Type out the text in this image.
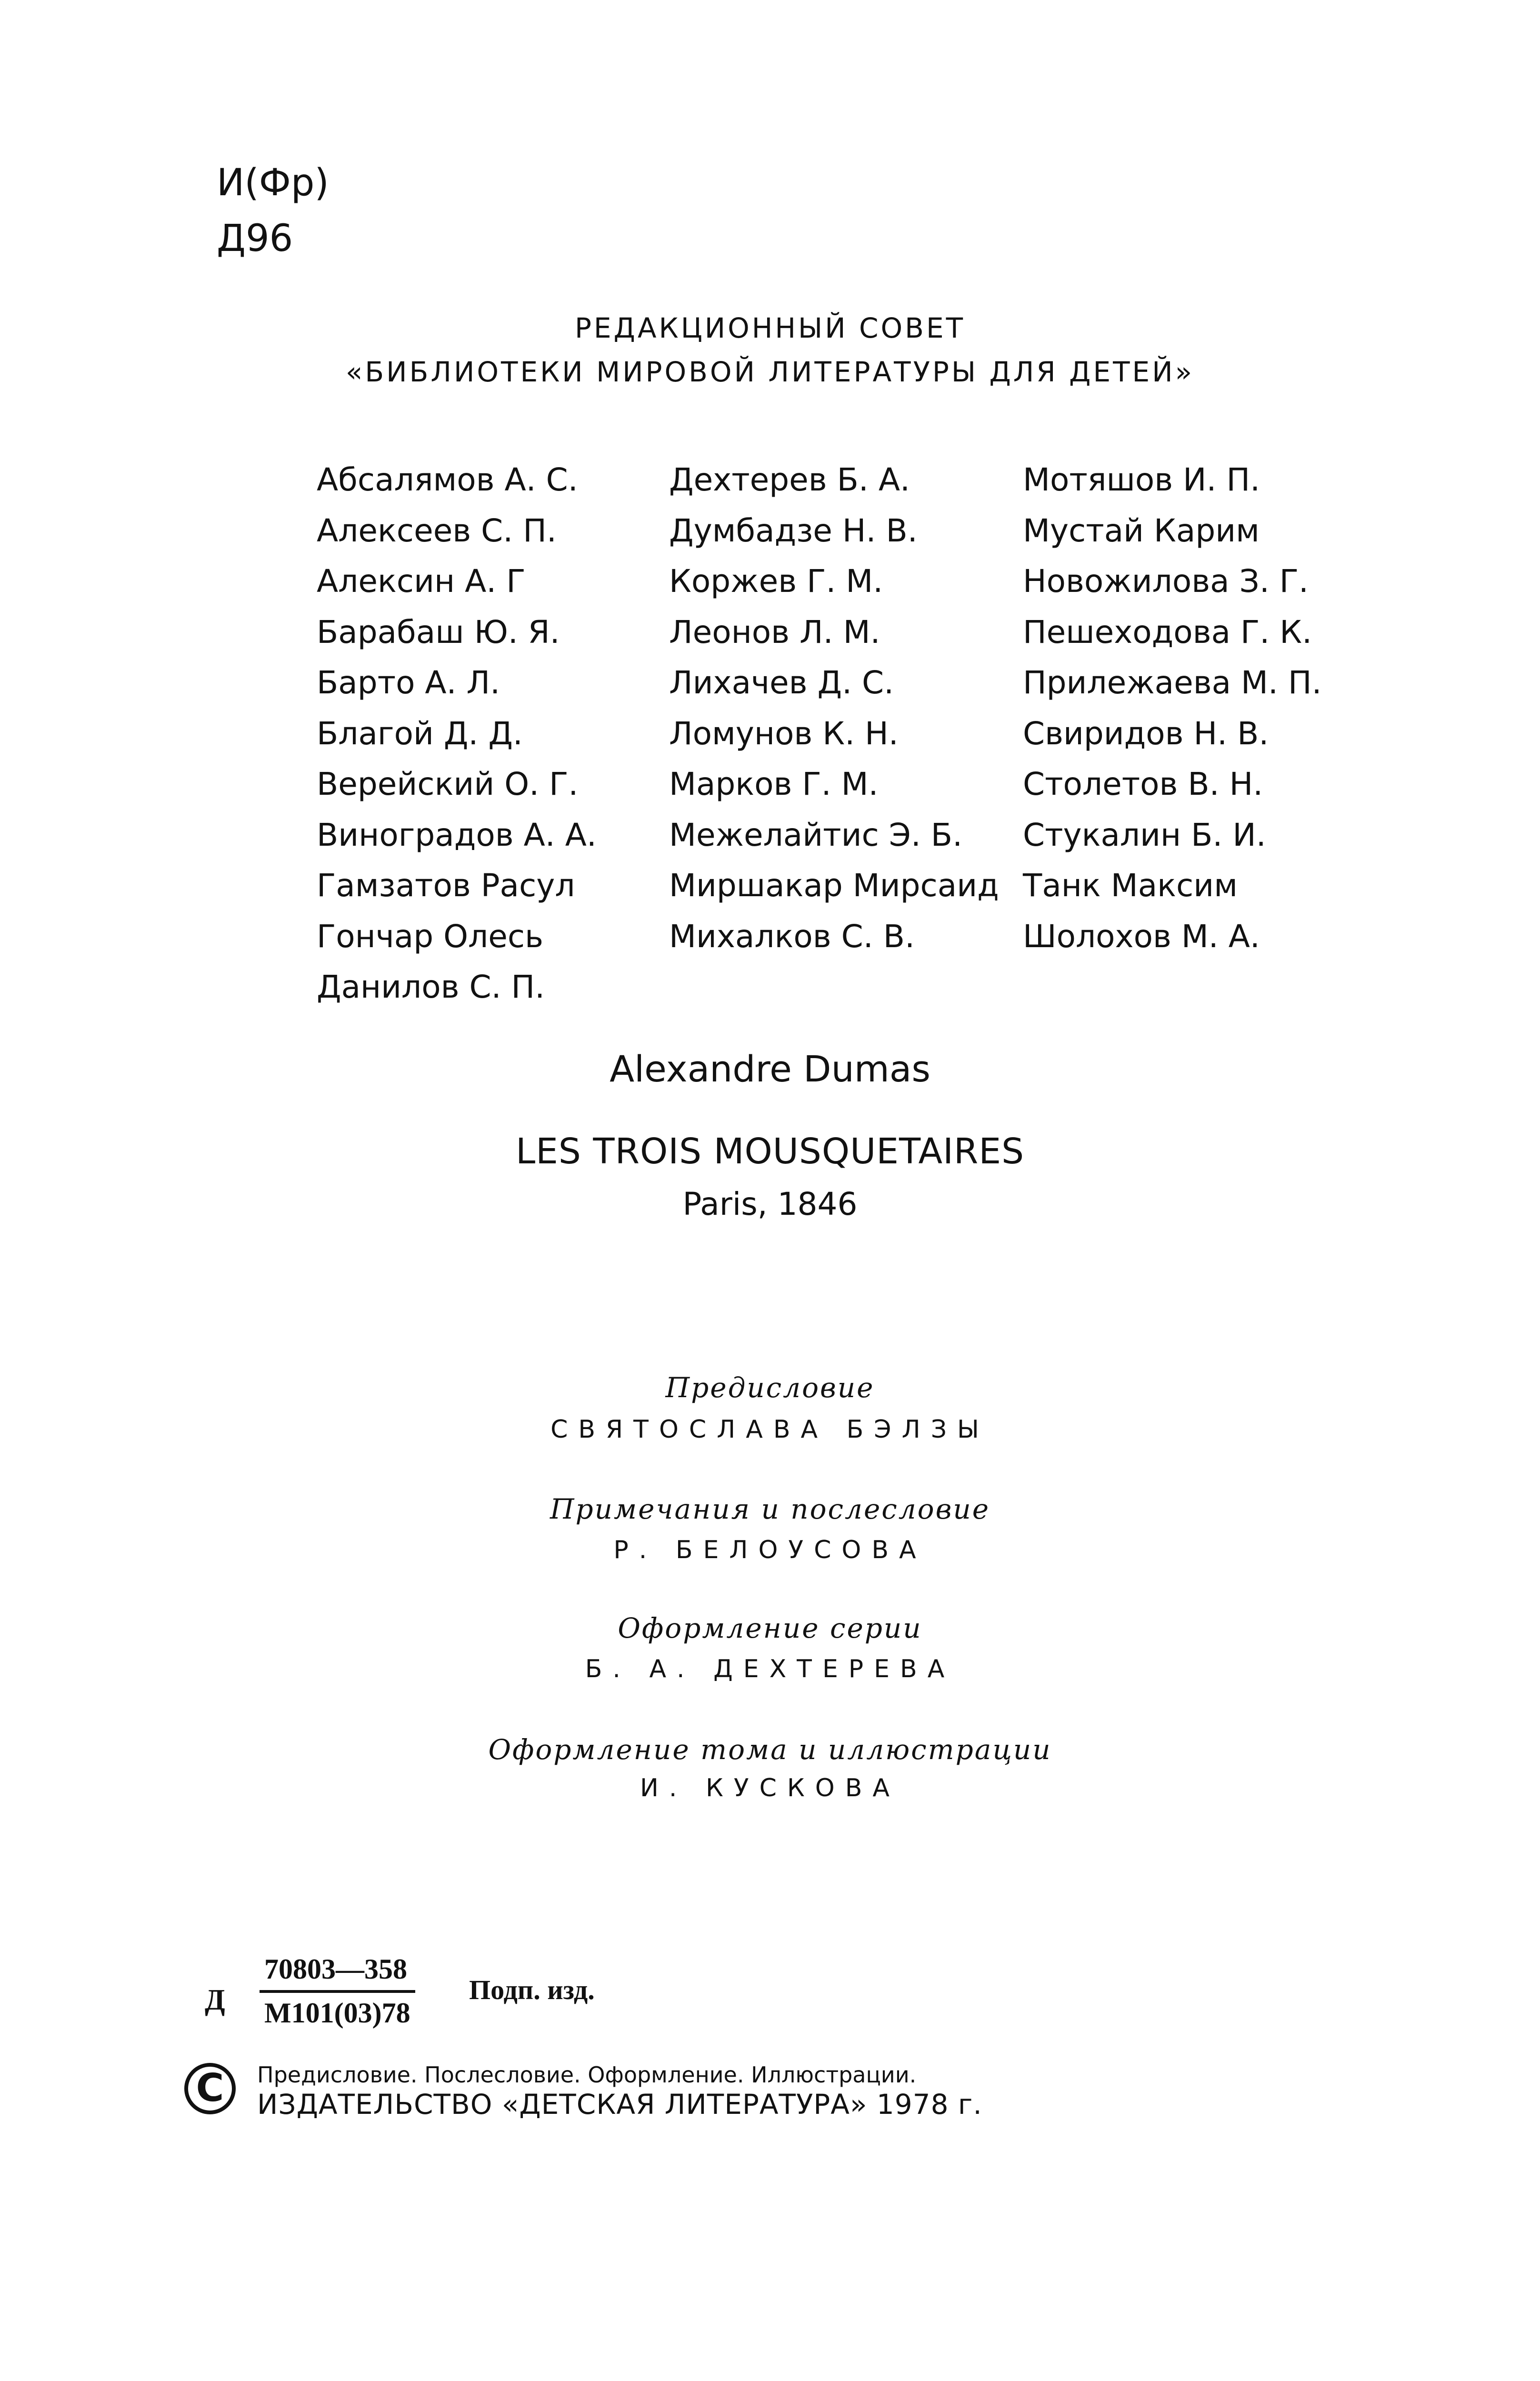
И(Фр)
Д96
РЕДАКЦИОННЫЙ СОВЕТ
«БИБЛИОТЕКИ МИРОВОЙ ЛИТЕРАТУРЫ ДЛЯ ДЕТЕЙ»
Абсалямов А. С.
Алексеев С. П.
Алексин А. Г
Барабаш Ю. Я.
Барто А. Л.
Благой Д. Д.
Верейский О. Г.
Виноградов А. А.
Гамзатов Расул
Гончар Олесь
Данилов С. П.
Дехтерев Б. А.
Думбадзе Н. В.
Коржев Г. М.
Леонов Л. М.
Лихачев Д. С.
Ломунов К. Н.
Марков Г. М.
Межелайтис Э. Б.
Миршакар Мирсаид
Михалков С. В.
Мотяшов И. П.
Мустай Карим
Новожилова З. Г.
Пешеходова Г. К.
Прилежаева М. П.
Свиридов Н. В.
Столетов В. Н.
Стукалин Б. И.
Танк Максим
Шолохов М. А.
Alexandre Dumas
LES TROIS MOUSQUETAIRES
Paris, 1846
Предисловие
СВЯТОСЛАВА БЭЛЗЫ
Примечания и послесловие
Р. БЕЛОУСОВА
Оформление серии
Б. А. ДЕХТЕРЕВА
Оформление тома и иллюстрации
И. КУСКОВА
Д
70803—358
М101(03)78
Подп. изд.
C Предисловие. Послесловие. Оформление. Иллюстрации.
ИЗДАТЕЛЬСТВО «ДЕТСКАЯ ЛИТЕРАТУРА» 1978 г.
